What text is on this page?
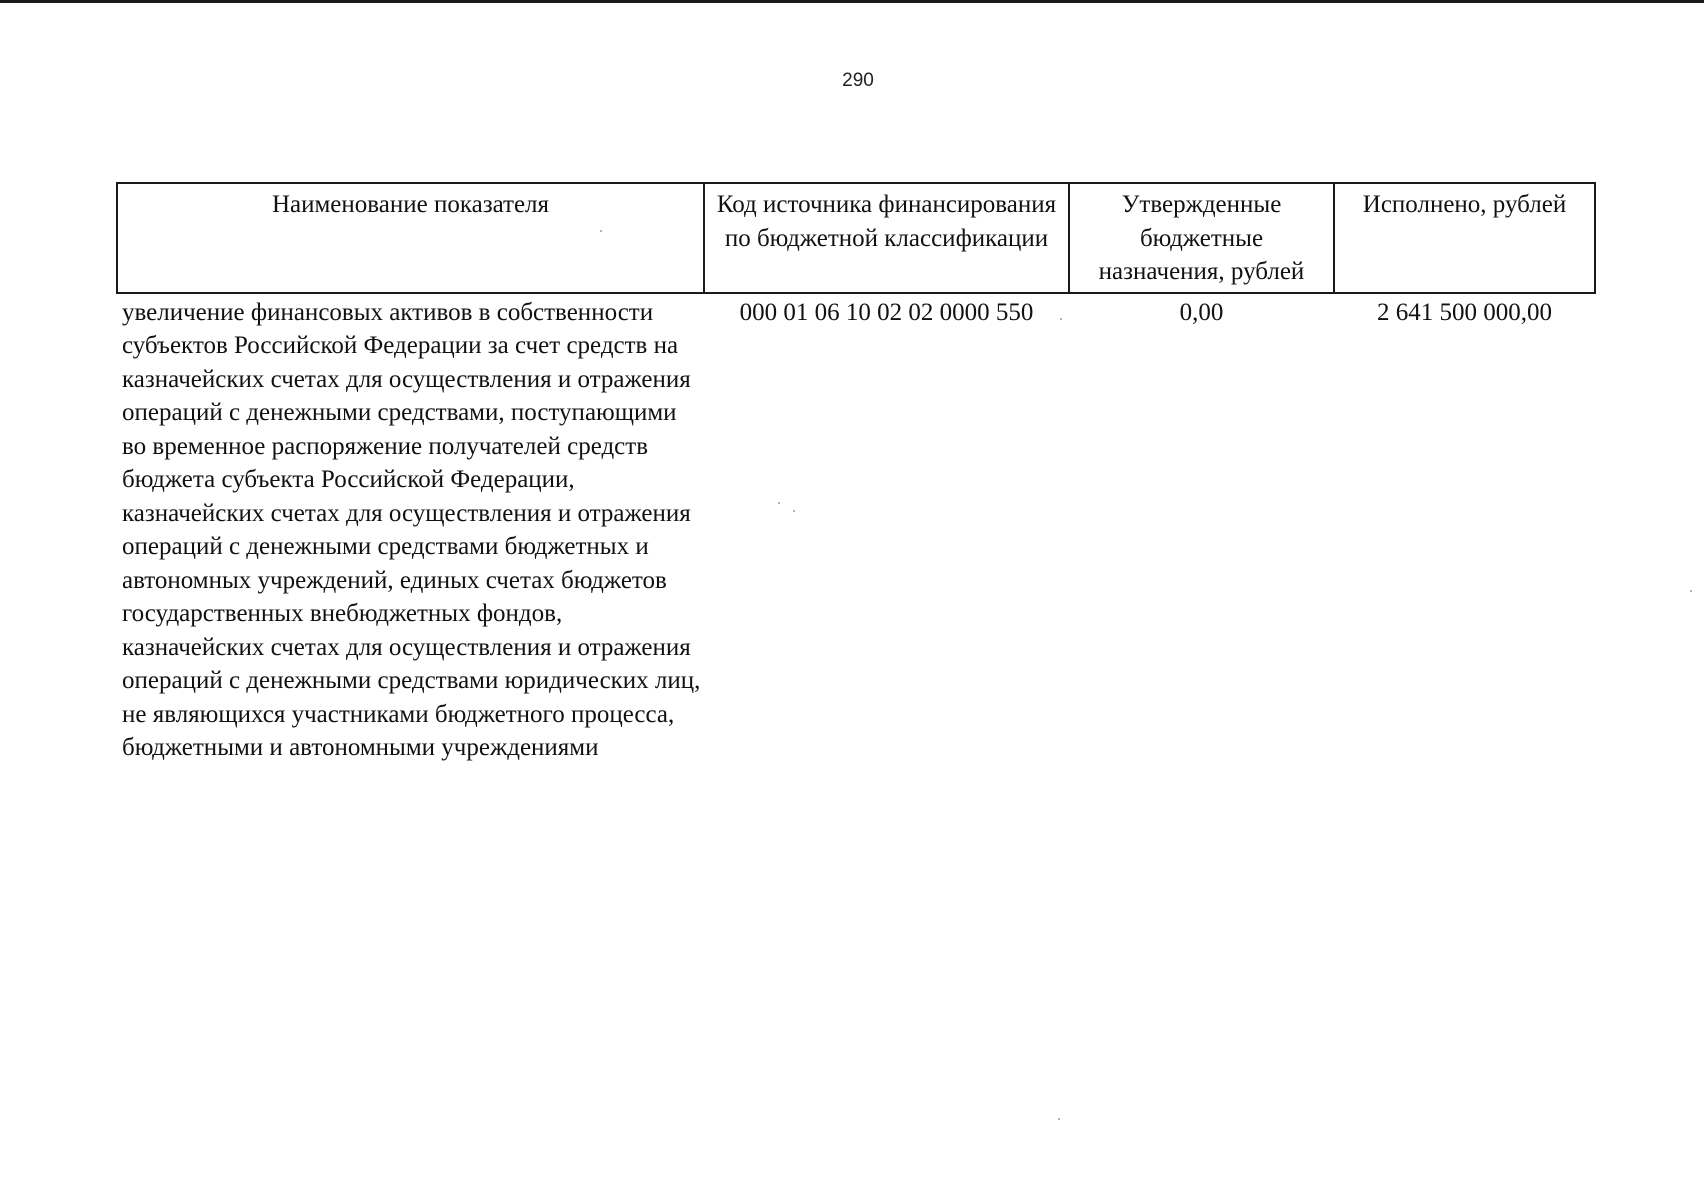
290
Наименование показателя	Код источника финансирования по бюджетной классификации	Утвержденные бюджетные назначения, рублей	Исполнено, рублей
увеличение финансовых активов в собственности субъектов Российской Федерации за счет средств на казначейских счетах для осуществления и отражения операций с денежными средствами, поступающими во временное распоряжение получателей средств бюджета субъекта Российской Федерации, казначейских счетах для осуществления и отражения операций с денежными средствами бюджетных и автономных учреждений, единых счетах бюджетов государственных внебюджетных фондов, казначейских счетах для осуществления и отражения операций с денежными средствами юридических лиц, не являющихся участниками бюджетного процесса, бюджетными и автономными учреждениями	000 01 06 10 02 02 0000 550	0,00	2 641 500 000,00
